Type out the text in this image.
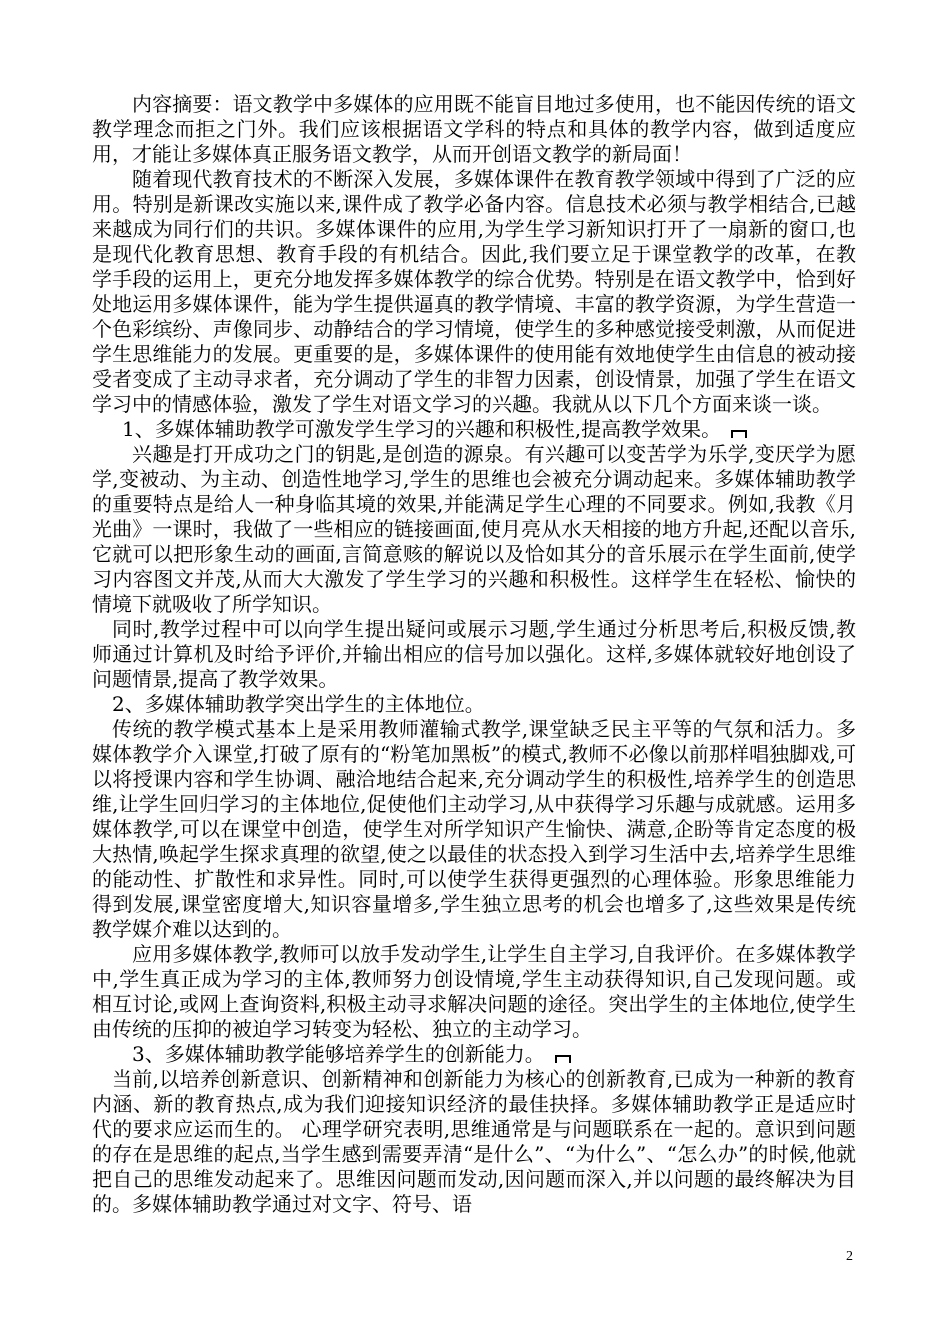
内容摘要：语文教学中多媒体的应用既不能盲目地过多使用，也不能因传统的语文教学理念而拒之门外。我们应该根据语文学科的特点和具体的教学内容，做到适度应用，才能让多媒体真正服务语文教学，从而开创语文教学的新局面！

随着现代教育技术的不断深入发展，多媒体课件在教育教学领域中得到了广泛的应用。特别是新课改实施以来,课件成了教学必备内容。信息技术必须与教学相结合,已越来越成为同行们的共识。多媒体课件的应用,为学生学习新知识打开了一扇新的窗口,也是现代化教育思想、教育手段的有机结合。因此,我们要立足于课堂教学的改革，在教学手段的运用上，更充分地发挥多媒体教学的综合优势。特别是在语文教学中，恰到好处地运用多媒体课件，能为学生提供逼真的教学情境、丰富的教学资源，为学生营造一个色彩缤纷、声像同步、动静结合的学习情境，使学生的多种感觉接受刺激，从而促进学生思维能力的发展。更重要的是，多媒体课件的使用能有效地使学生由信息的被动接受者变成了主动寻求者，充分调动了学生的非智力因素，创设情景，加强了学生在语文学习中的情感体验，激发了学生对语文学习的兴趣。我就从以下几个方面来谈一谈。

1、多媒体辅助教学可激发学生学习的兴趣和积极性,提高教学效果。

兴趣是打开成功之门的钥匙,是创造的源泉。有兴趣可以变苦学为乐学,变厌学为愿学,变被动、为主动、创造性地学习,学生的思维也会被充分调动起来。多媒体辅助教学的重要特点是给人一种身临其境的效果,并能满足学生心理的不同要求。例如,我教《月光曲》一课时，我做了一些相应的链接画面,使月亮从水天相接的地方升起,还配以音乐,它就可以把形象生动的画面,言简意赅的解说以及恰如其分的音乐展示在学生面前,使学习内容图文并茂,从而大大激发了学生学习的兴趣和积极性。这样学生在轻松、愉快的情境下就吸收了所学知识。

同时,教学过程中可以向学生提出疑问或展示习题,学生通过分析思考后,积极反馈,教师通过计算机及时给予评价,并输出相应的信号加以强化。这样,多媒体就较好地创设了问题情景,提高了教学效果。

2、多媒体辅助教学突出学生的主体地位。

传统的教学模式基本上是采用教师灌输式教学,课堂缺乏民主平等的气氛和活力。多媒体教学介入课堂,打破了原有的“粉笔加黑板”的模式,教师不必像以前那样唱独脚戏,可以将授课内容和学生协调、融洽地结合起来,充分调动学生的积极性,培养学生的创造思维,让学生回归学习的主体地位,促使他们主动学习,从中获得学习乐趣与成就感。运用多媒体教学,可以在课堂中创造，使学生对所学知识产生愉快、满意,企盼等肯定态度的极大热情,唤起学生探求真理的欲望,使之以最佳的状态投入到学习生活中去,培养学生思维的能动性、扩散性和求异性。同时,可以使学生获得更强烈的心理体验。形象思维能力得到发展,课堂密度增大,知识容量增多,学生独立思考的机会也增多了,这些效果是传统教学媒介难以达到的。

应用多媒体教学,教师可以放手发动学生,让学生自主学习,自我评价。在多媒体教学中,学生真正成为学习的主体,教师努力创设情境,学生主动获得知识,自己发现问题。或相互讨论,或网上查询资料,积极主动寻求解决问题的途径。突出学生的主体地位,使学生由传统的压抑的被迫学习转变为轻松、独立的主动学习。

3、多媒体辅助教学能够培养学生的创新能力。

当前,以培养创新意识、创新精神和创新能力为核心的创新教育,已成为一种新的教育内涵、新的教育热点,成为我们迎接知识经济的最佳抉择。多媒体辅助教学正是适应时代的要求应运而生的。 心理学研究表明,思维通常是与问题联系在一起的。意识到问题的存在是思维的起点,当学生感到需要弄清“是什么”、“为什么”、“怎么办”的时候,他就把自己的思维发动起来了。思维因问题而发动,因问题而深入,并以问题的最终解决为目的。多媒体辅助教学通过对文字、符号、语

2
